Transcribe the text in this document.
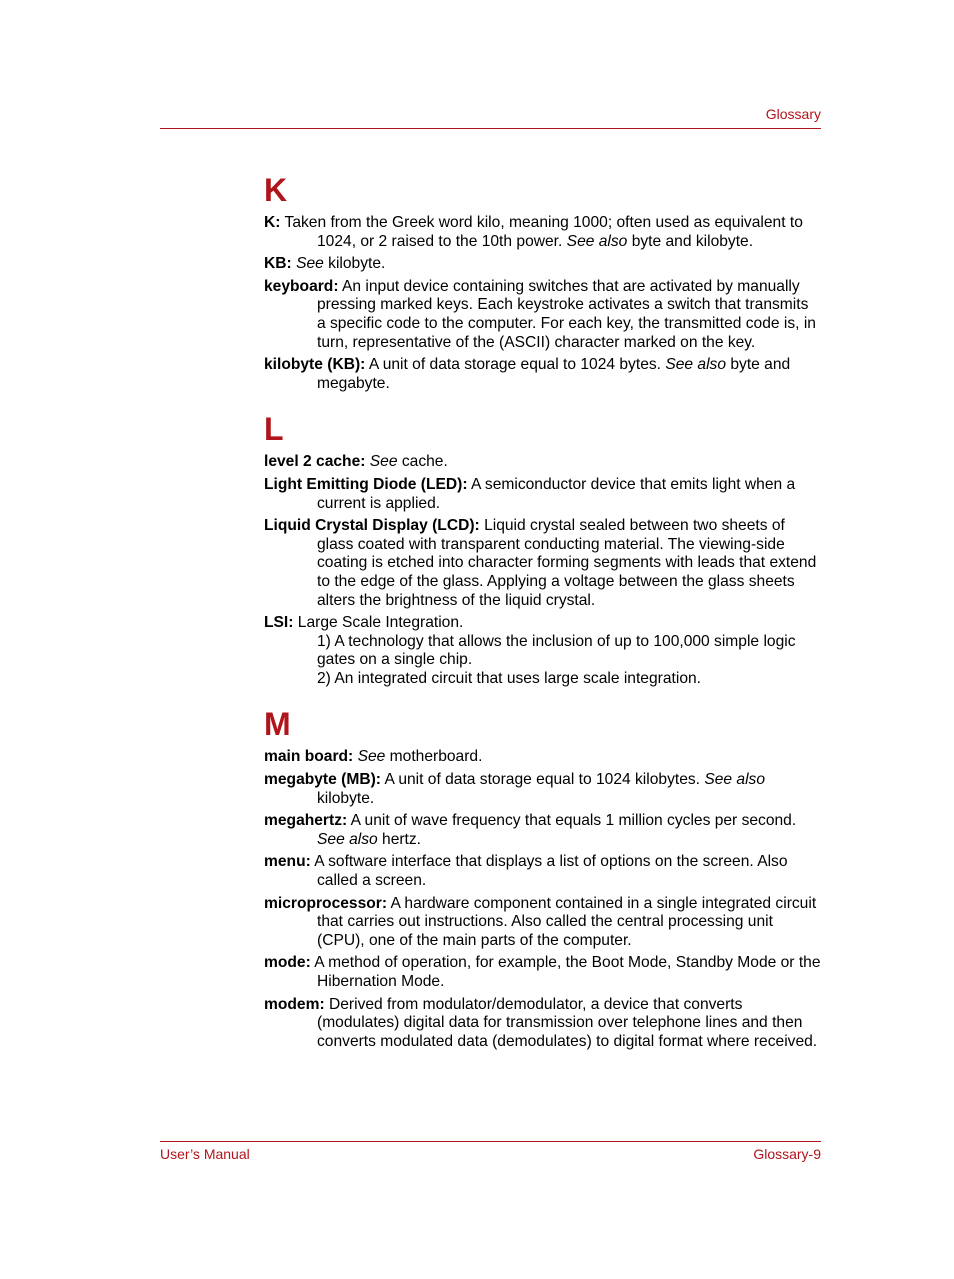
Glossary
K
K: Taken from the Greek word kilo, meaning 1000; often used as equivalent to 1024, or 2 raised to the 10th power. See also byte and kilobyte.
KB: See kilobyte.
keyboard: An input device containing switches that are activated by manually pressing marked keys. Each keystroke activates a switch that transmits a specific code to the computer. For each key, the transmitted code is, in turn, representative of the (ASCII) character marked on the key.
kilobyte (KB): A unit of data storage equal to 1024 bytes. See also byte and megabyte.
L
level 2 cache: See cache.
Light Emitting Diode (LED): A semiconductor device that emits light when a current is applied.
Liquid Crystal Display (LCD): Liquid crystal sealed between two sheets of glass coated with transparent conducting material. The viewing-side coating is etched into character forming segments with leads that extend to the edge of the glass. Applying a voltage between the glass sheets alters the brightness of the liquid crystal.
LSI: Large Scale Integration.
1) A technology that allows the inclusion of up to 100,000 simple logic gates on a single chip.
2) An integrated circuit that uses large scale integration.
M
main board: See motherboard.
megabyte (MB): A unit of data storage equal to 1024 kilobytes. See also kilobyte.
megahertz: A unit of wave frequency that equals 1 million cycles per second. See also hertz.
menu: A software interface that displays a list of options on the screen. Also called a screen.
microprocessor: A hardware component contained in a single integrated circuit that carries out instructions. Also called the central processing unit (CPU), one of the main parts of the computer.
mode: A method of operation, for example, the Boot Mode, Standby Mode or the Hibernation Mode.
modem: Derived from modulator/demodulator, a device that converts (modulates) digital data for transmission over telephone lines and then converts modulated data (demodulates) to digital format where received.
User’s Manual	Glossary-9
